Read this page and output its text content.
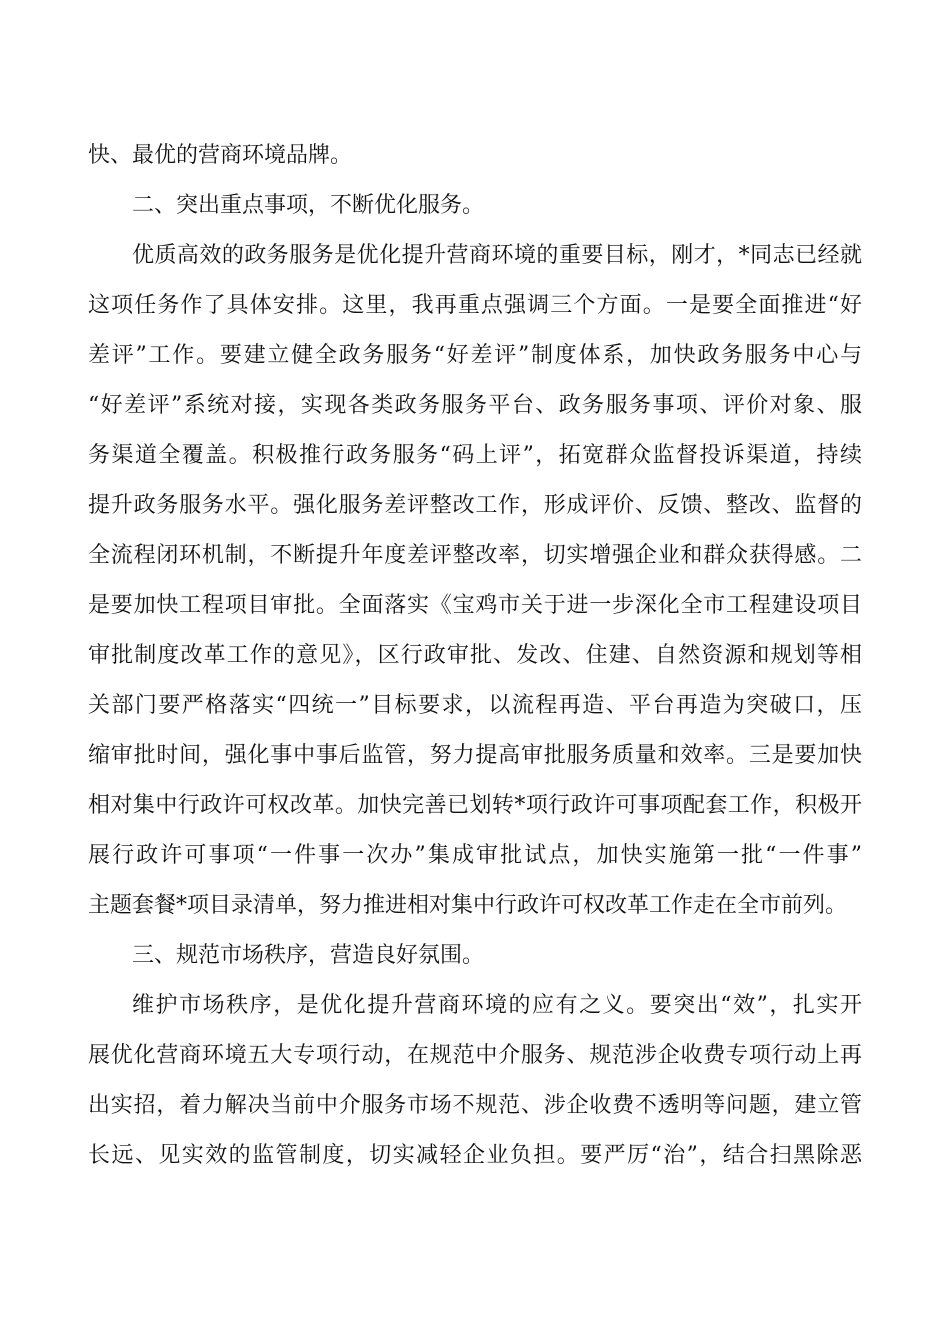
快、最优的营商环境品牌。
二、突出重点事项，不断优化服务。
优质高效的政务服务是优化提升营商环境的重要目标，刚才，*同志已经就
这项任务作了具体安排。这里，我再重点强调三个方面。一是要全面推进“好
差评”工作。要建立健全政务服务“好差评”制度体系，加快政务服务中心与
“好差评”系统对接，实现各类政务服务平台、政务服务事项、评价对象、服
务渠道全覆盖。积极推行政务服务“码上评”，拓宽群众监督投诉渠道，持续
提升政务服务水平。强化服务差评整改工作，形成评价、反馈、整改、监督的
全流程闭环机制，不断提升年度差评整改率，切实增强企业和群众获得感。二
是要加快工程项目审批。全面落实《宝鸡市关于进一步深化全市工程建设项目
审批制度改革工作的意见》，区行政审批、发改、住建、自然资源和规划等相
关部门要严格落实“四统一”目标要求，以流程再造、平台再造为突破口，压
缩审批时间，强化事中事后监管，努力提高审批服务质量和效率。三是要加快
相对集中行政许可权改革。加快完善已划转*项行政许可事项配套工作，积极开
展行政许可事项“一件事一次办”集成审批试点，加快实施第一批“一件事”
主题套餐*项目录清单，努力推进相对集中行政许可权改革工作走在全市前列。
三、规范市场秩序，营造良好氛围。
维护市场秩序，是优化提升营商环境的应有之义。要突出“效”，扎实开
展优化营商环境五大专项行动，在规范中介服务、规范涉企收费专项行动上再
出实招，着力解决当前中介服务市场不规范、涉企收费不透明等问题，建立管
长远、见实效的监管制度，切实减轻企业负担。要严厉“治”，结合扫黑除恶
